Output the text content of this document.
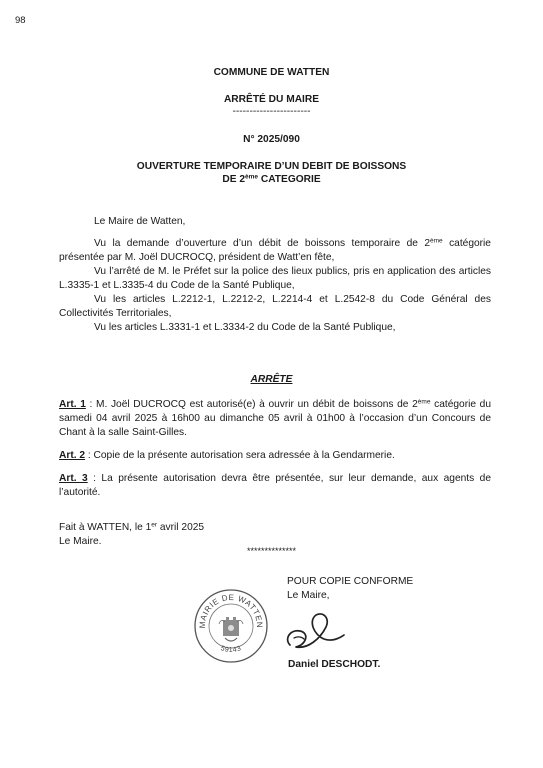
98
COMMUNE DE WATTEN
ARRÊTÉ DU MAIRE
-----------------------
N° 2025/090
OUVERTURE TEMPORAIRE D’UN DEBIT DE BOISSONS
DE 2ème CATEGORIE
Le Maire de Watten,

Vu la demande d’ouverture d’un débit de boissons temporaire de 2ème catégorie présentée par M. Joël DUCROCQ, président de Watt’en fête,

Vu l’arrêté de M. le Préfet sur la police des lieux publics, pris en application des articles L.3335-1 et L.3335-4 du Code de la Santé Publique,

Vu les articles L.2212-1, L.2212-2, L.2214-4 et L.2542-8 du Code Général des Collectivités Territoriales,

Vu les articles L.3331-1 et L.3334-2 du Code de la Santé Publique,

ARRÊTE

Art. 1 : M. Joël DUCROCQ est autorisé(e) à ouvrir un débit de boissons de 2ème catégorie du samedi 04 avril 2025 à 16h00 au dimanche 05 avril à 01h00 à l’occasion d’un Concours de Chant à la salle Saint-Gilles.

Art. 2 : Copie de la présente autorisation sera adressée à la Gendarmerie.

Art. 3 : La présente autorisation devra être présentée, sur leur demande, aux agents de l’autorité.

Fait à WATTEN, le 1er avril 2025
Le Maire.
**************
POUR COPIE CONFORME
Le Maire,
MAIRIE DE WATTEN
59143
Daniel DESCHODT.
